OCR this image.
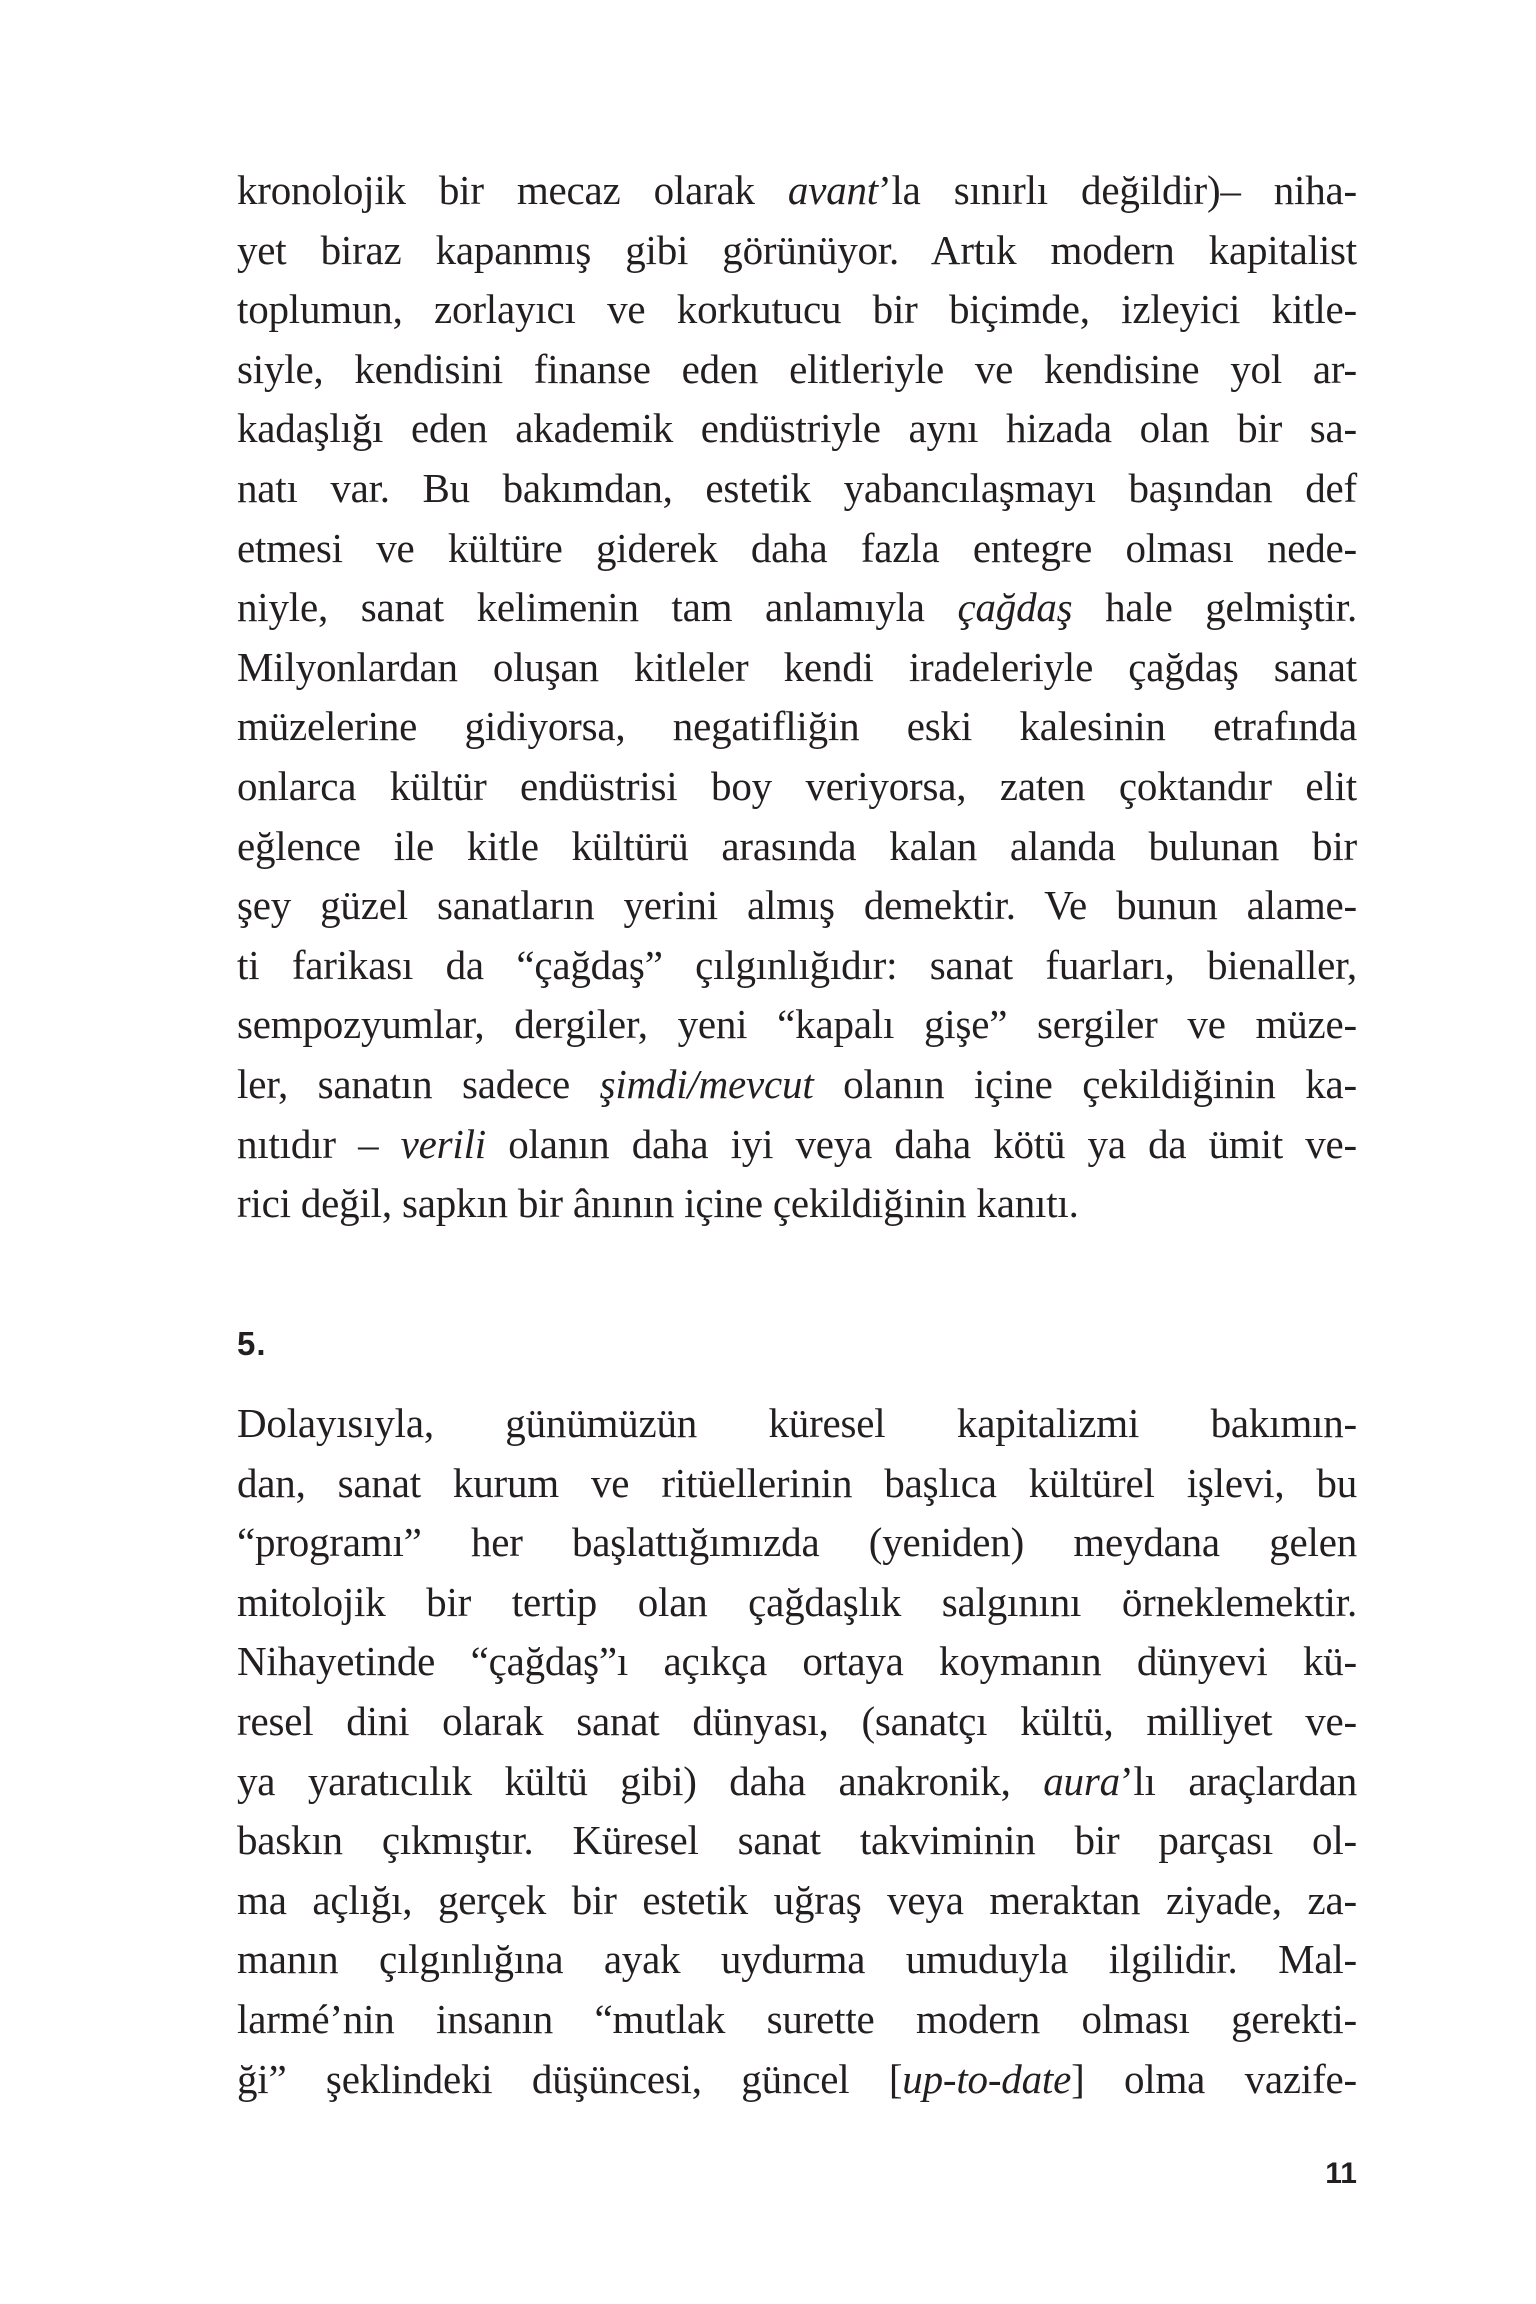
kronolojik bir mecaz olarak avant’la sınırlı değildir)– niha-
yet biraz kapanmış gibi görünüyor. Artık modern kapitalist
toplumun, zorlayıcı ve korkutucu bir biçimde, izleyici kitle-
siyle, kendisini finanse eden elitleriyle ve kendisine yol ar-
kadaşlığı eden akademik endüstriyle aynı hizada olan bir sa-
natı var. Bu bakımdan, estetik yabancılaşmayı başından def
etmesi ve kültüre giderek daha fazla entegre olması nede-
niyle, sanat kelimenin tam anlamıyla çağdaş hale gelmiştir.
Milyonlardan oluşan kitleler kendi iradeleriyle çağdaş sanat
müzelerine gidiyorsa, negatifliğin eski kalesinin etrafında
onlarca kültür endüstrisi boy veriyorsa, zaten çoktandır elit
eğlence ile kitle kültürü arasında kalan alanda bulunan bir
şey güzel sanatların yerini almış demektir. Ve bunun alame-
ti farikası da “çağdaş” çılgınlığıdır: sanat fuarları, bienaller,
sempozyumlar, dergiler, yeni “kapalı gişe” sergiler ve müze-
ler, sanatın sadece şimdi/mevcut olanın içine çekildiğinin ka-
nıtıdır – verili olanın daha iyi veya daha kötü ya da ümit ve-
rici değil, sapkın bir ânının içine çekildiğinin kanıtı.
5.
Dolayısıyla, günümüzün küresel kapitalizmi bakımın-
dan, sanat kurum ve ritüellerinin başlıca kültürel işlevi, bu
“programı” her başlattığımızda (yeniden) meydana gelen
mitolojik bir tertip olan çağdaşlık salgınını örneklemektir.
Nihayetinde “çağdaş”ı açıkça ortaya koymanın dünyevi kü-
resel dini olarak sanat dünyası, (sanatçı kültü, milliyet ve-
ya yaratıcılık kültü gibi) daha anakronik, aura’lı araçlardan
baskın çıkmıştır. Küresel sanat takviminin bir parçası ol-
ma açlığı, gerçek bir estetik uğraş veya meraktan ziyade, za-
manın çılgınlığına ayak uydurma umuduyla ilgilidir. Mal-
larmé’nin insanın “mutlak surette modern olması gerekti-
ği” şeklindeki düşüncesi, güncel [up-to-date] olma vazife-
11
